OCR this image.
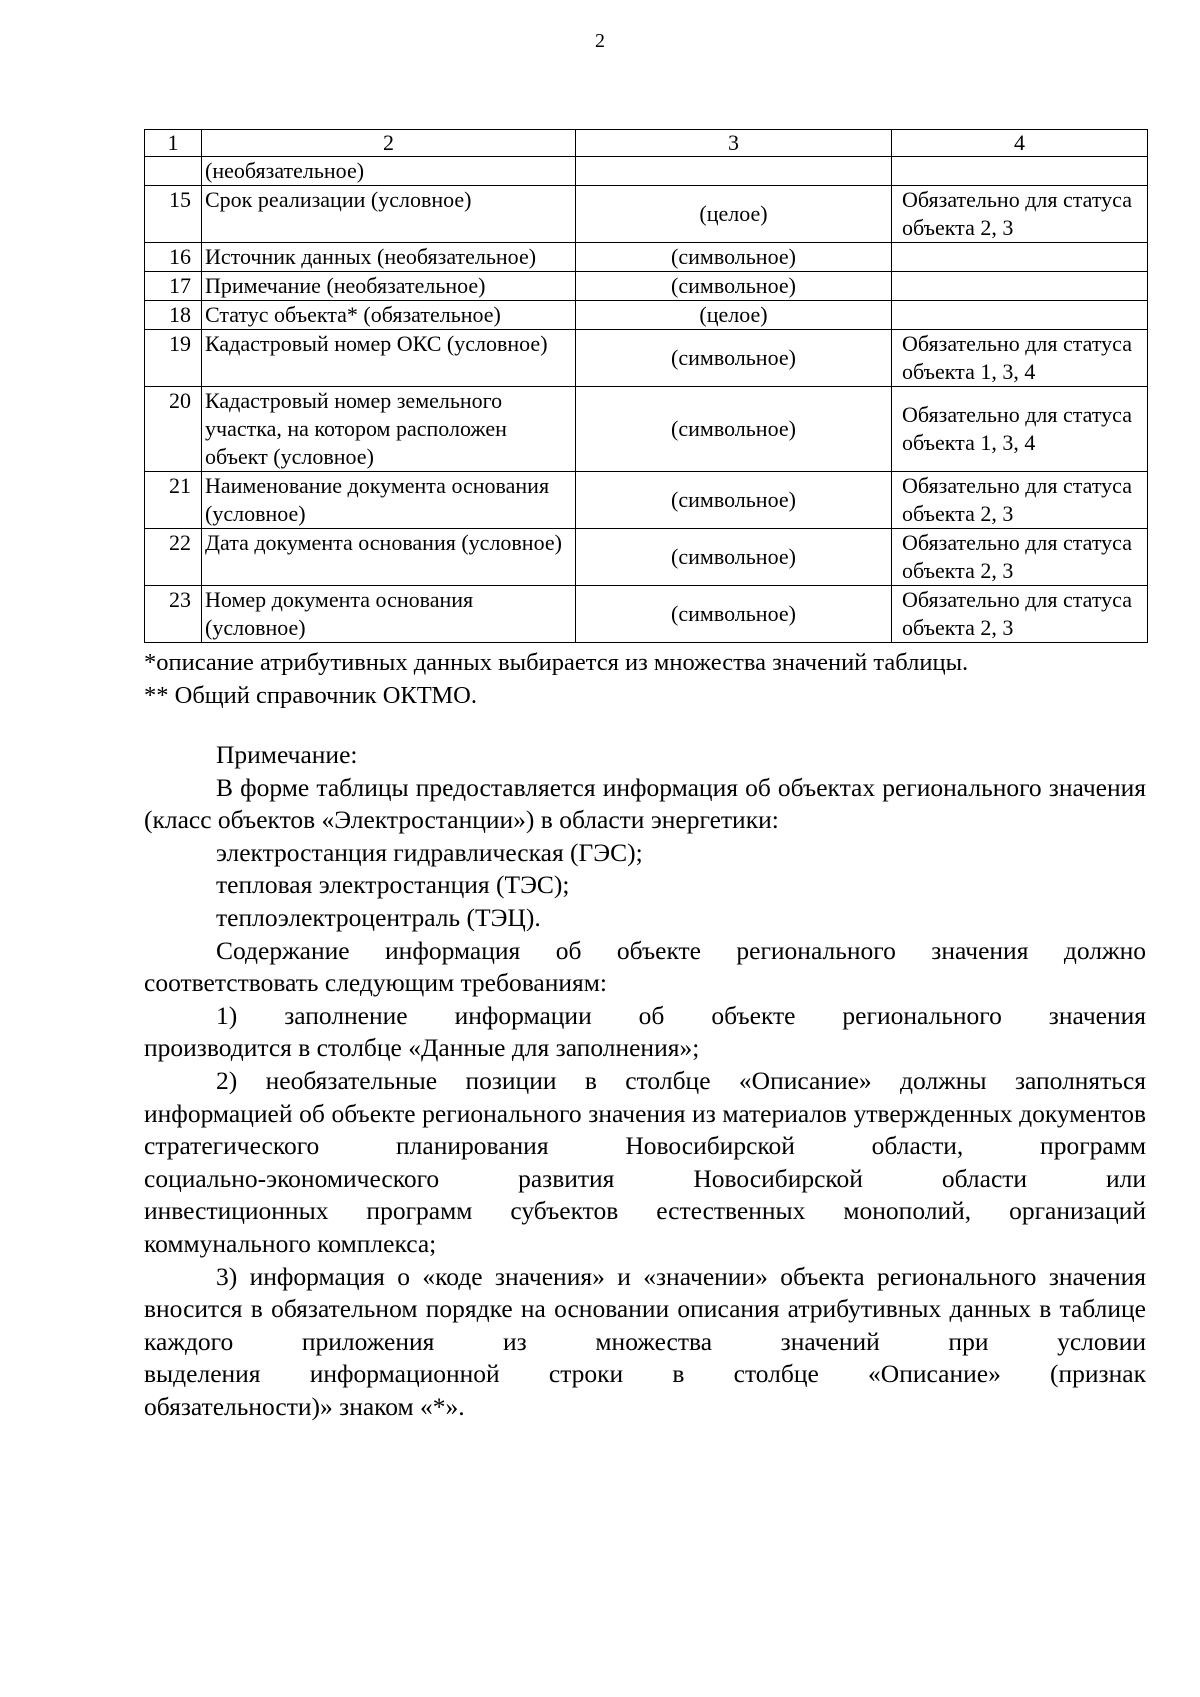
2
1	2	3	4
	(необязательное)		
15	Срок реализации (условное)	(целое)	Обязательно для статуса объекта 2, 3
16	Источник данных (необязательное)	(символьное)	
17	Примечание (необязательное)	(символьное)	
18	Статус объекта* (обязательное)	(целое)	
19	Кадастровый номер ОКС (условное)	(символьное)	Обязательно для статуса объекта 1, 3, 4
20	Кадастровый номер земельного участка, на котором расположен объект (условное)	(символьное)	Обязательно для статуса объекта 1, 3, 4
21	Наименование документа основания (условное)	(символьное)	Обязательно для статуса объекта 2, 3
22	Дата документа основания (условное)	(символьное)	Обязательно для статуса объекта 2, 3
23	Номер документа основания (условное)	(символьное)	Обязательно для статуса объекта 2, 3
*описание атрибутивных данных выбирается из множества значений таблицы.
** Общий справочник ОКТМО.

Примечание:

В форме таблицы предоставляется информация об объектах регионального значения (класс объектов «Электростанции») в области энергетики:

электростанция гидравлическая (ГЭС);

тепловая электростанция (ТЭС);

теплоэлектроцентраль (ТЭЦ).

Содержание информация об объекте регионального значения должно соответствовать следующим требованиям:

1) заполнение информации об объекте регионального значения

производится в столбце «Данные для заполнения»;

2) необязательные позиции в столбце «Описание» должны заполняться информацией об объекте регионального значения из материалов утвержденных документов стратегического планирования Новосибирской области, программ

социально-экономического развития Новосибирской области или

инвестиционных программ субъектов естественных монополий, организаций коммунального комплекса;

3) информация о «коде значения» и «значении» объекта регионального значения вносится в обязательном порядке на основании описания атрибутивных данных в таблице каждого приложения из множества значений при условии

выделения информационной строки в столбце «Описание» (признак

обязательности)» знаком «*».
